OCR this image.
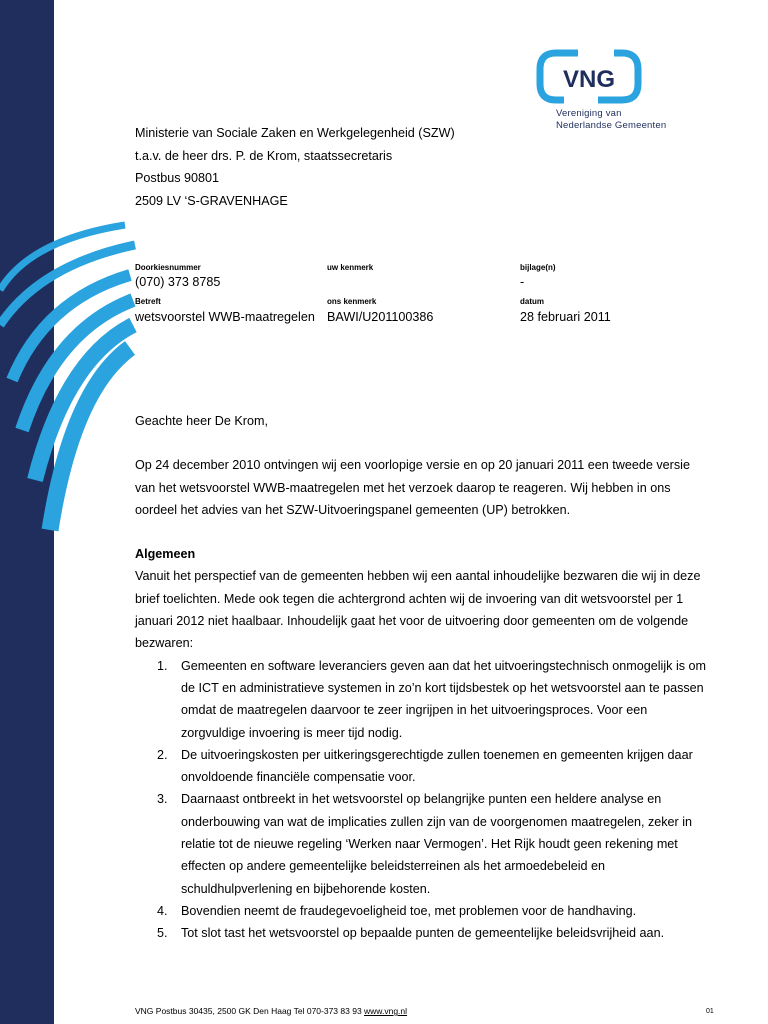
VNG
Vereniging van
Nederlandse Gemeenten
Ministerie van Sociale Zaken en Werkgelegenheid (SZW)
t.a.v. de heer drs. P. de Krom, staatssecretaris
Postbus 90801
2509 LV ‘S-GRAVENHAGE
Doorkiesnummer
(070) 373 8785
uw kenmerk	bijlage(n)
-
Betreft
wetsvoorstel WWB-maatregelen
ons kenmerk
BAWI/U201100386
datum
28 februari 2011

Geachte heer De Krom,

Op 24 december 2010 ontvingen wij een voorlopige versie en op 20 januari 2011 een tweede versie van het wetsvoorstel WWB-maatregelen met het verzoek daarop te reageren. Wij hebben in ons oordeel het advies van het SZW-Uitvoeringspanel gemeenten (UP) betrokken.

Algemeen

Vanuit het perspectief van de gemeenten hebben wij een aantal inhoudelijke bezwaren die wij in deze brief toelichten. Mede ook tegen die achtergrond achten wij de invoering van dit wetsvoorstel per 1 januari 2012 niet haalbaar. Inhoudelijk gaat het voor de uitvoering door gemeenten om de volgende bezwaren:

1. Gemeenten en software leveranciers geven aan dat het uitvoeringstechnisch onmogelijk is om de ICT en administratieve systemen in zo’n kort tijdsbestek op het wetsvoorstel aan te passen omdat de maatregelen daarvoor te zeer ingrijpen in het uitvoeringsproces. Voor een zorgvuldige invoering is meer tijd nodig.
2. De uitvoeringskosten per uitkeringsgerechtigde zullen toenemen en gemeenten krijgen daar onvoldoende financiële compensatie voor.
3. Daarnaast ontbreekt in het wetsvoorstel op belangrijke punten een heldere analyse en onderbouwing van wat de implicaties zullen zijn van de voorgenomen maatregelen, zeker in relatie tot de nieuwe regeling ‘Werken naar Vermogen’. Het Rijk houdt geen rekening met effecten op andere gemeentelijke beleidsterreinen als het armoedebeleid en schuldhulpverlening en bijbehorende kosten.
4. Bovendien neemt de fraudegevoeligheid toe, met problemen voor de handhaving.
5. Tot slot tast het wetsvoorstel op bepaalde punten de gemeentelijke beleidsvrijheid aan.
VNG Postbus 30435, 2500 GK Den Haag Tel 070-373 83 93 www.vng.nl	01
